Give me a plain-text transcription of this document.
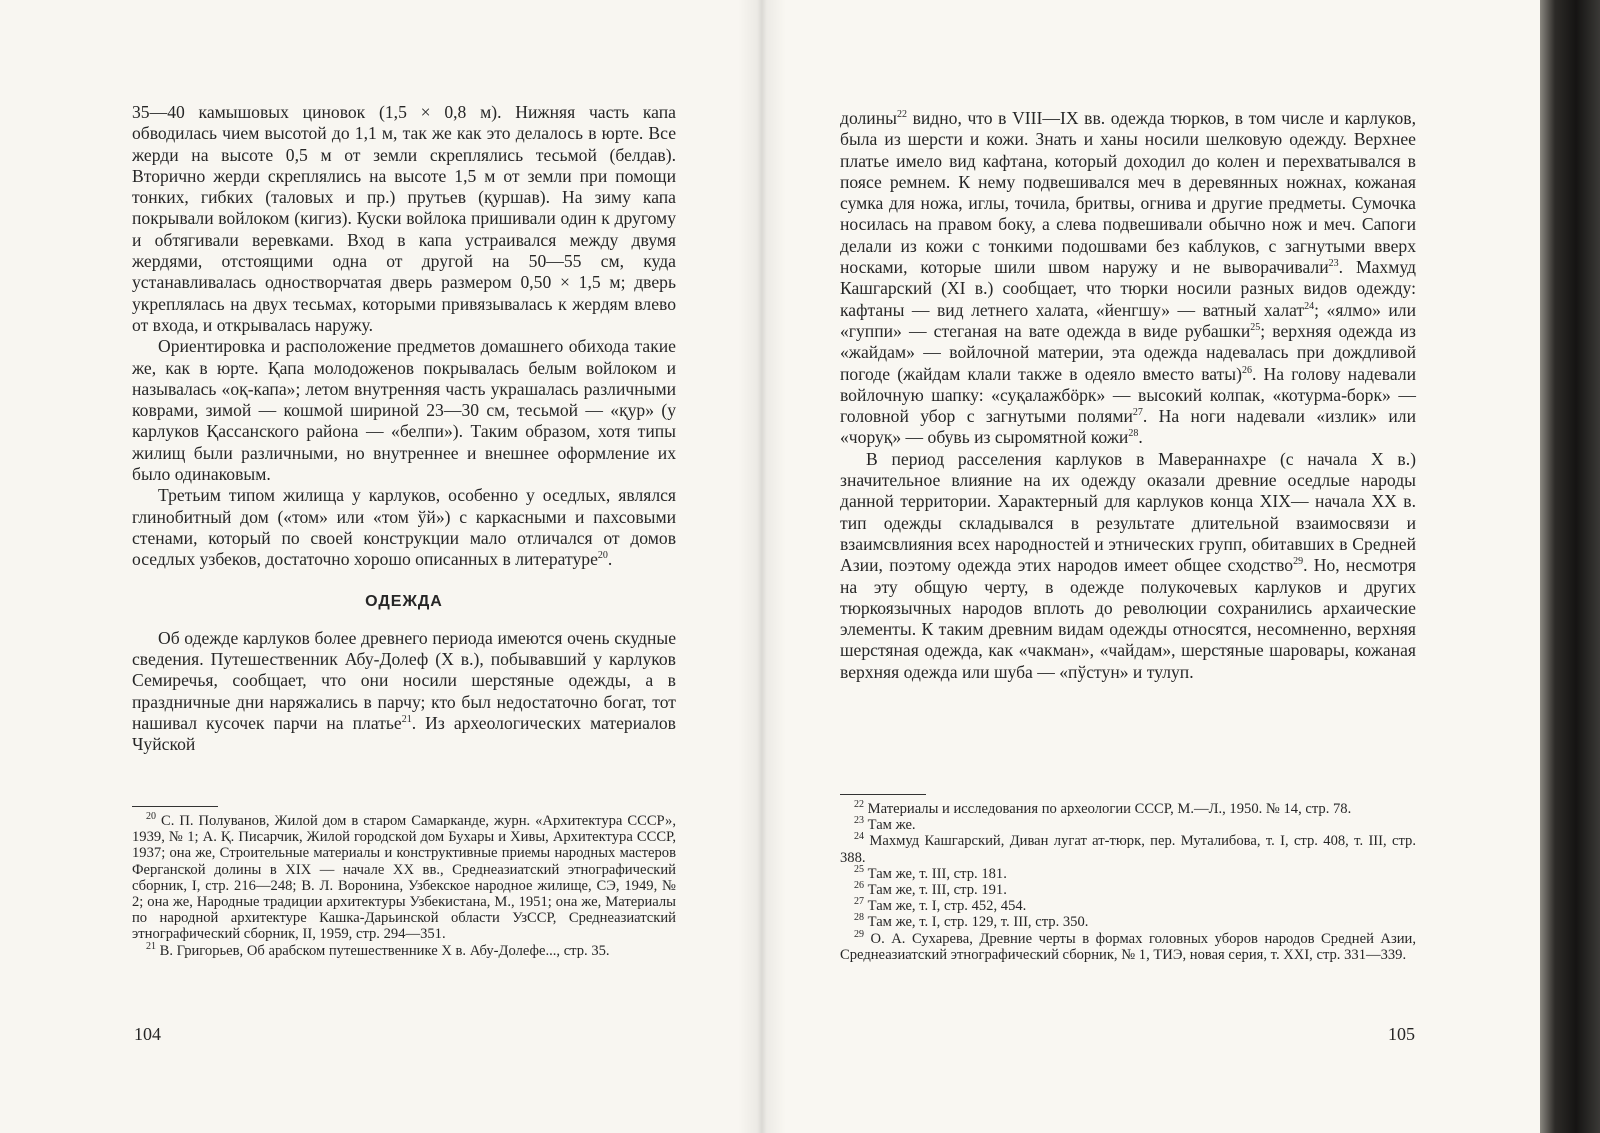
35—40 камышовых циновок (1,5 × 0,8 м). Нижняя часть капа обводилась чием высотой до 1,1 м, так же как это делалось в юрте. Все жерди на высоте 0,5 м от земли скреплялись тесьмой (белдав). Вторично жерди скреплялись на высоте 1,5 м от земли при помощи тонких, гибких (таловых и пр.) прутьев (қуршав). На зиму капа покрывали войлоком (кигиз). Куски войлока пришивали один к другому и обтягивали веревками. Вход в капа устраивался между двумя жердями, отстоящими одна от другой на 50—55 см, куда устанавливалась одностворчатая дверь размером 0,50 × 1,5 м; дверь укреплялась на двух тесьмах, которыми привязывалась к жердям влево от входа, и открывалась наружу.

Ориентировка и расположение предметов домашнего обихода такие же, как в юрте. Қапа молодоженов покрывалась белым войлоком и называлась «оқ-капа»; летом внутренняя часть украшалась различными коврами, зимой — кошмой шириной 23—30 см, тесьмой — «қур» (у карлуков Қассанского района — «белпи»). Таким образом, хотя типы жилищ были различными, но внутреннее и внешнее оформление их было одинаковым.

Третьим типом жилища у карлуков, особенно у оседлых, являлся глинобитный дом («том» или «том ўй») с каркасными и пахсовыми стенами, который по своей конструкции мало отличался от домов оседлых узбеков, достаточно хорошо описанных в литературе$^{20}$.

ОДЕЖДА

Об одежде карлуков более древнего периода имеются очень скудные сведения. Путешественник Абу-Долеф (X в.), побывавший у карлуков Семиречья, сообщает, что они носили шерстяные одежды, а в праздничные дни наряжались в парчу; кто был недостаточно богат, тот нашивал кусочек парчи на платье$^{21}$. Из археологических материалов Чуйской

$^{20}$ С. П. Полуванов, Жилой дом в старом Самарканде, журн. «Архитектура СССР», 1939, № 1; А. Қ. Писарчик, Жилой городской дом Бухары и Хивы, Архитектура СССР, 1937; она же, Строительные материалы и конструктивные приемы народных мастеров Ферганской долины в XIX — начале XX вв., Среднеазиатский этнографический сборник, I, стр. 216—248; В. Л. Воронина, Узбекское народное жилище, СЭ, 1949, № 2; она же, Народные традиции архитектуры Узбекистана, М., 1951; она же, Материалы по народной архитектуре Кашка-Дарьинской области УзССР, Среднеазиатский этнографический сборник, II, 1959, стр. 294—351.

$^{21}$ В. Григорьев, Об арабском путешественнике X в. Абу-Долефе..., стр. 35.

104

долины$^{22}$ видно, что в VIII—IX вв. одежда тюрков, в том числе и карлуков, была из шерсти и кожи. Знать и ханы носили шелковую одежду. Верхнее платье имело вид кафтана, который доходил до колен и перехватывался в поясе ремнем. К нему подвешивался меч в деревянных ножнах, кожаная сумка для ножа, иглы, точила, бритвы, огнива и другие предметы. Сумочка носилась на правом боку, а слева подвешивали обычно нож и меч. Сапоги делали из кожи с тонкими подошвами без каблуков, с загнутыми вверх носками, которые шили швом наружу и не выворачивали$^{23}$. Махмуд Кашгарский (XI в.) сообщает, что тюрки носили разных видов одежду: кафтаны — вид летнего халата, «йенгшу» — ватный халат$^{24}$; «ялмо» или «гуппи» — стеганая на вате одежда в виде рубашки$^{25}$; верхняя одежда из «жайдам» — войлочной материи, эта одежда надевалась при дождливой погоде (жайдам клали также в одеяло вместо ваты)$^{26}$. На голову надевали войлочную шапку: «суқалажбӧрк» — высокий колпак, «котурма-борк» — головной убор с загнутыми полями$^{27}$. На ноги надевали «излик» или «чоруқ» — обувь из сыромятной кожи$^{28}$.

В период расселения карлуков в Мавераннахре (с начала X в.) значительное влияние на их одежду оказали древние оседлые народы данной территории. Характерный для карлуков конца XIX— начала XX в. тип одежды складывался в результате длительной взаимосвязи и взаимсвлияния всех народностей и этнических групп, обитавших в Средней Азии, поэтому одежда этих народов имеет общее сходство$^{29}$. Но, несмотря на эту общую черту, в одежде полукочевых карлуков и других тюркоязычных народов вплоть до революции сохранились архаические элементы. К таким древним видам одежды относятся, несомненно, верхняя шерстяная одежда, как «чакман», «чайдам», шерстяные шаровары, кожаная верхняя одежда или шуба — «пўстун» и тулуп.

$^{22}$ Материалы и исследования по археологии СССР, М.—Л., 1950. № 14, стр. 78.

$^{23}$ Там же.

$^{24}$ Махмуд Кашгарский, Диван лугат ат-тюрк, пер. Муталибова, т. I, стр. 408, т. III, стр. 388.

$^{25}$ Там же, т. III, стр. 181.

$^{26}$ Там же, т. III, стр. 191.

$^{27}$ Там же, т. I, стр. 452, 454.

$^{28}$ Там же, т. I, стр. 129, т. III, стр. 350.

$^{29}$ О. А. Сухарева, Древние черты в формах головных уборов народов Средней Азии, Среднеазиатский этнографический сборник, № 1, ТИЭ, новая серия, т. XXI, стр. 331—339.

105
